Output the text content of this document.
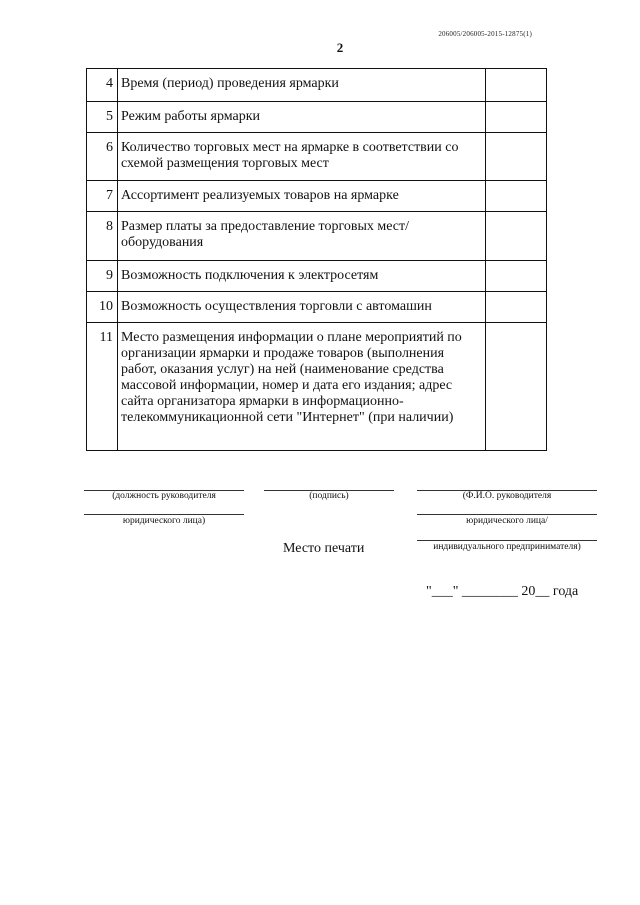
206005/206005-2015-12875(1)
2
4	Время (период) проведения ярмарки	
5	Режим работы ярмарки	
6	Количество торговых мест на ярмарке в соответствии со схемой размещения торговых мест	
7	Ассортимент реализуемых товаров на ярмарке	
8	Размер платы за предоставление торговых мест/оборудования	
9	Возможность подключения к электросетям	
10	Возможность осуществления торговли с автомашин	
11	Место размещения информации о плане мероприятий по организации ярмарки и продаже товаров (выполнения работ, оказания услуг) на ней (наименование средства массовой информации, номер и дата его издания; адрес сайта организатора ярмарки в информационно-телекоммуникационной сети "Интернет" (при наличии)	
(должность руководителя
юридического лица)
(подпись)	(Ф.И.О. руководителя
юридического лица/
индивидуального предпринимателя)
Место печати
"___" ________ 20__ года
